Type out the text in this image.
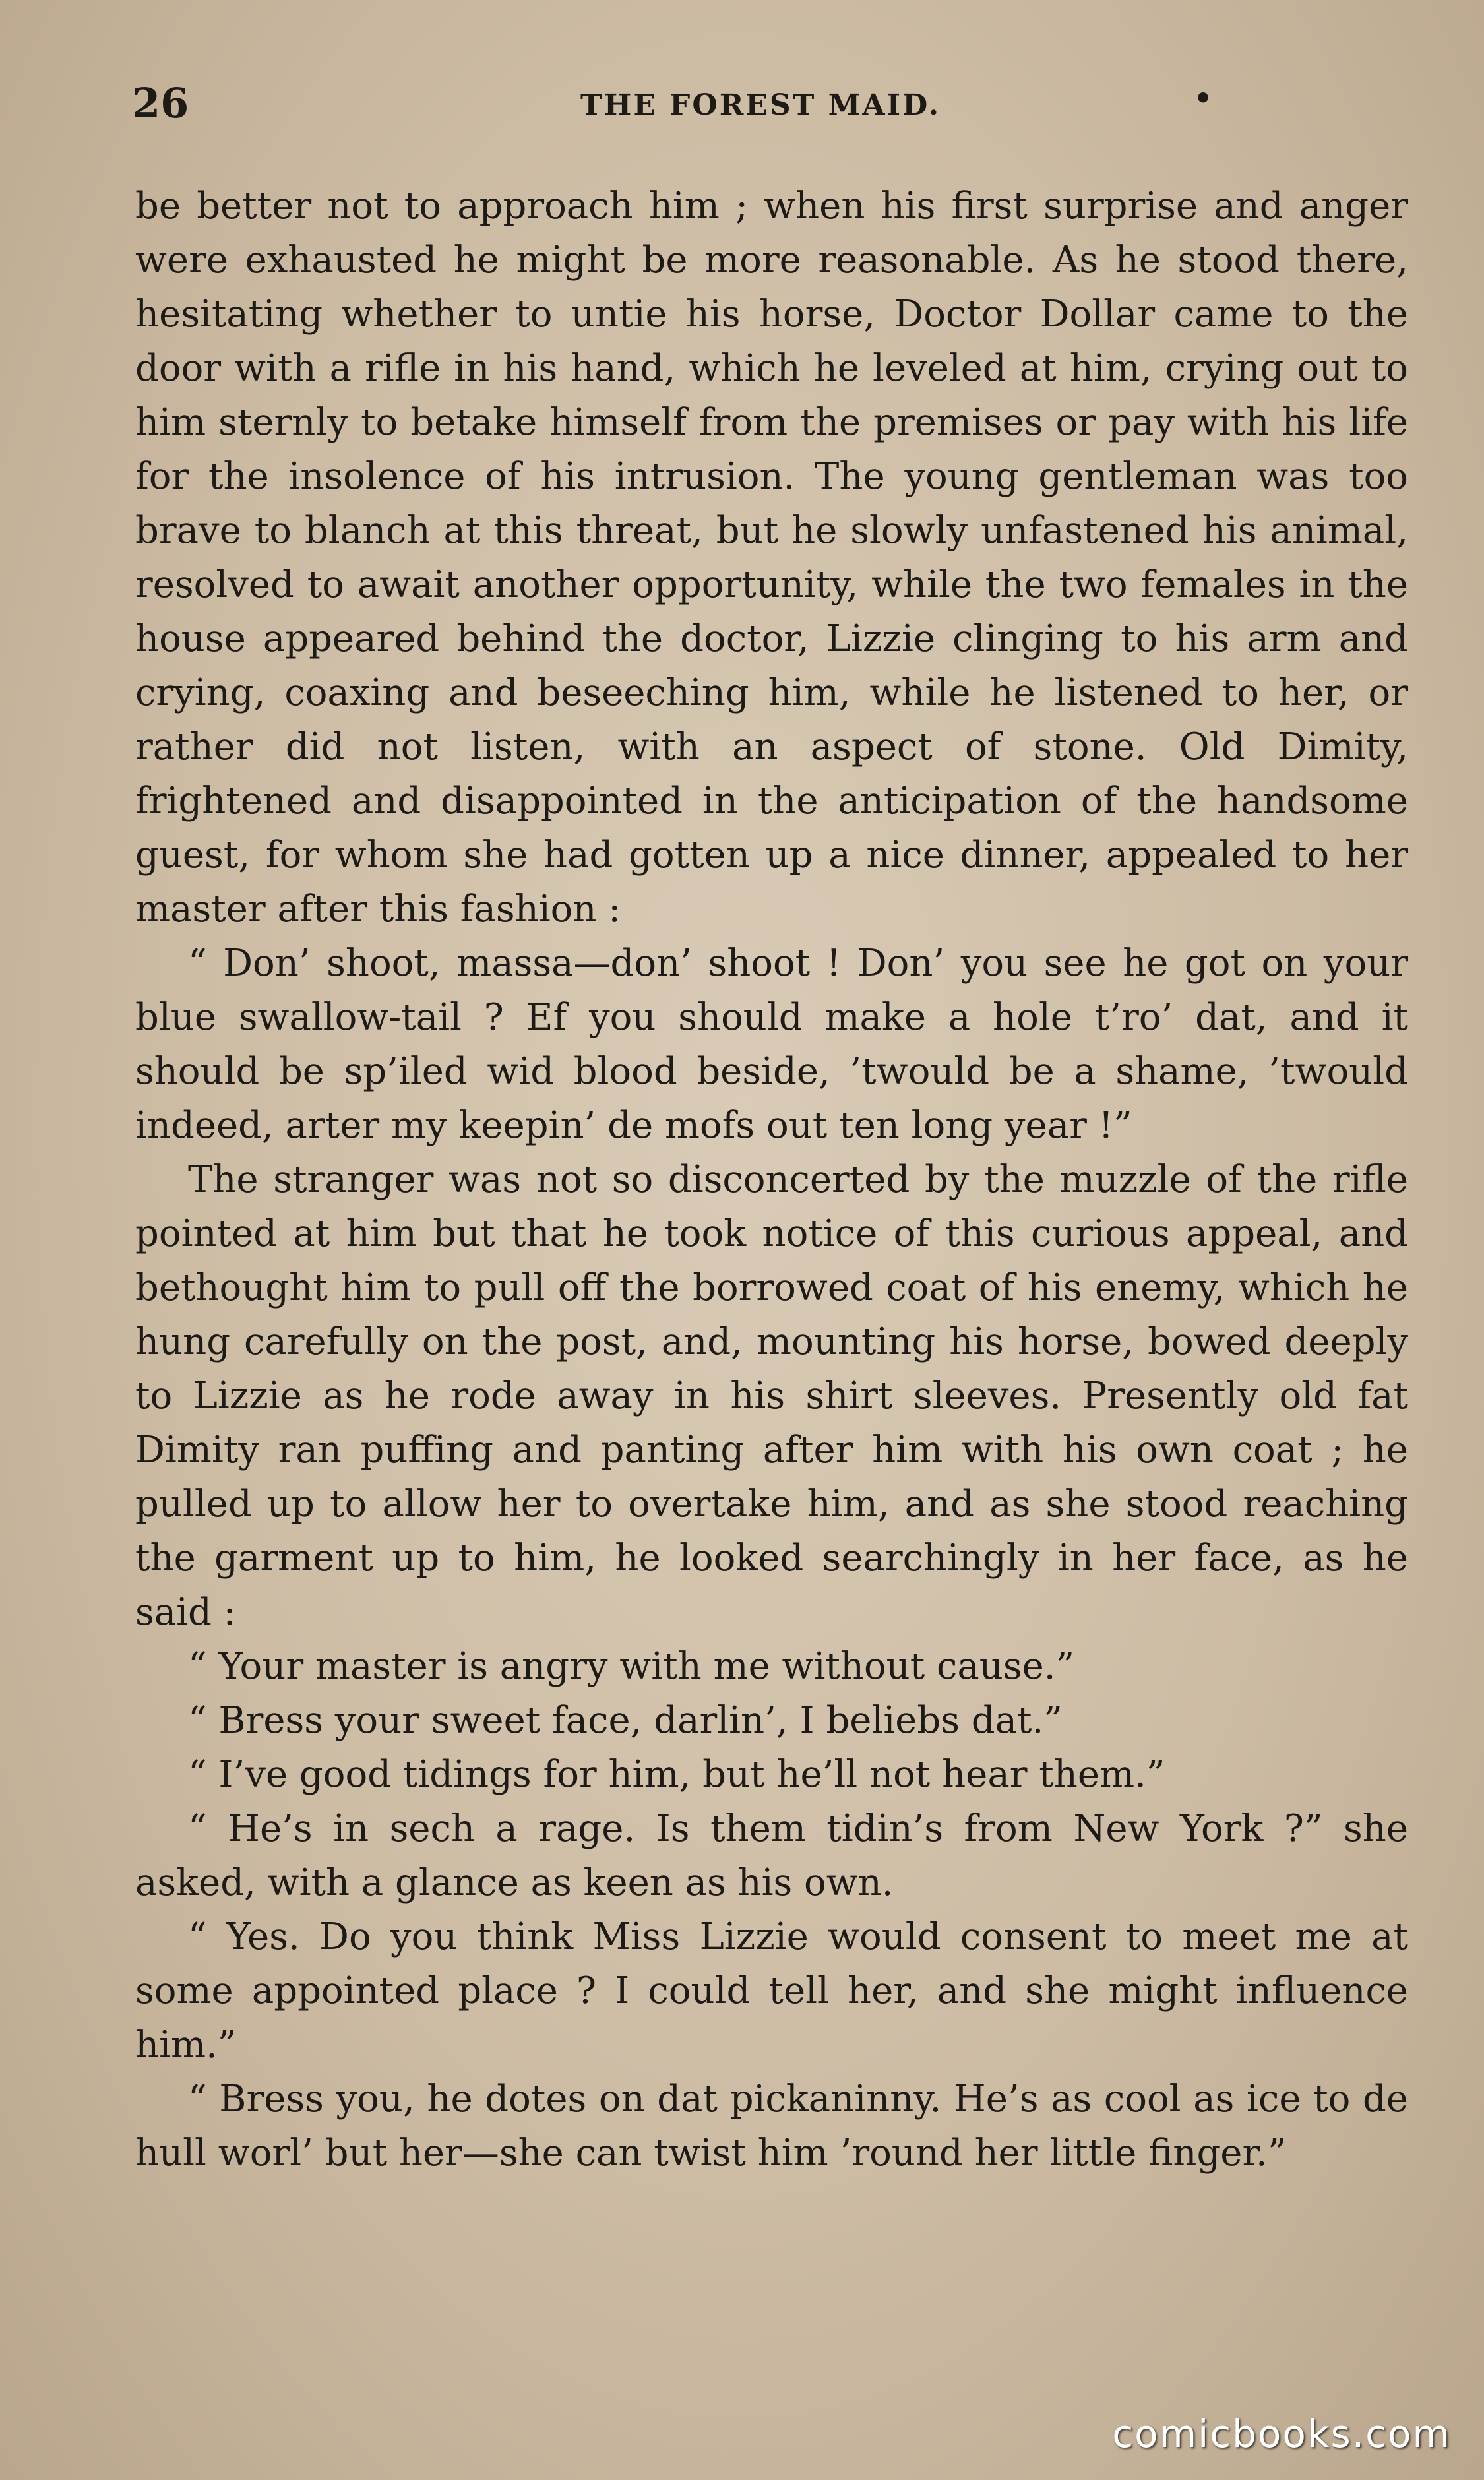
26	THE FOREST MAID.	•

be better not to approach him ; when his first surprise and anger were exhausted he might be more reasonable. As he stood there, hesitating whether to untie his horse, Doctor Dollar came to the door with a rifle in his hand, which he leveled at him, crying out to him sternly to betake himself from the premises or pay with his life for the insolence of his intrusion. The young gentleman was too brave to blanch at this threat, but he slowly unfastened his animal, resolved to await another opportunity, while the two females in the house appeared behind the doctor, Lizzie clinging to his arm and crying, coaxing and beseeching him, while he listened to her, or rather did not listen, with an aspect of stone. Old Dimity, frightened and disappointed in the anticipation of the handsome guest, for whom she had gotten up a nice dinner, appealed to her master after this fashion :

“ Don’ shoot, massa—don’ shoot ! Don’ you see he got on your blue swallow-tail ? Ef you should make a hole t’ro’ dat, and it should be sp’iled wid blood beside, ’twould be a shame, ’twould indeed, arter my keepin’ de mofs out ten long year !”

The stranger was not so disconcerted by the muzzle of the rifle pointed at him but that he took notice of this curious appeal, and bethought him to pull off the borrowed coat of his enemy, which he hung carefully on the post, and, mounting his horse, bowed deeply to Lizzie as he rode away in his shirt sleeves. Presently old fat Dimity ran puffing and panting after him with his own coat ; he pulled up to allow her to overtake him, and as she stood reaching the garment up to him, he looked searchingly in her face, as he said :

“ Your master is angry with me without cause.”

“ Bress your sweet face, darlin’, I beliebs dat.”

“ I’ve good tidings for him, but he’ll not hear them.”

“ He’s in sech a rage. Is them tidin’s from New York ?” she asked, with a glance as keen as his own.

“ Yes. Do you think Miss Lizzie would consent to meet me at some appointed place ? I could tell her, and she might influence him.”

“ Bress you, he dotes on dat pickaninny. He’s as cool as ice to de hull worl’ but her—she can twist him ’round her little finger.”

comicbooks.com
